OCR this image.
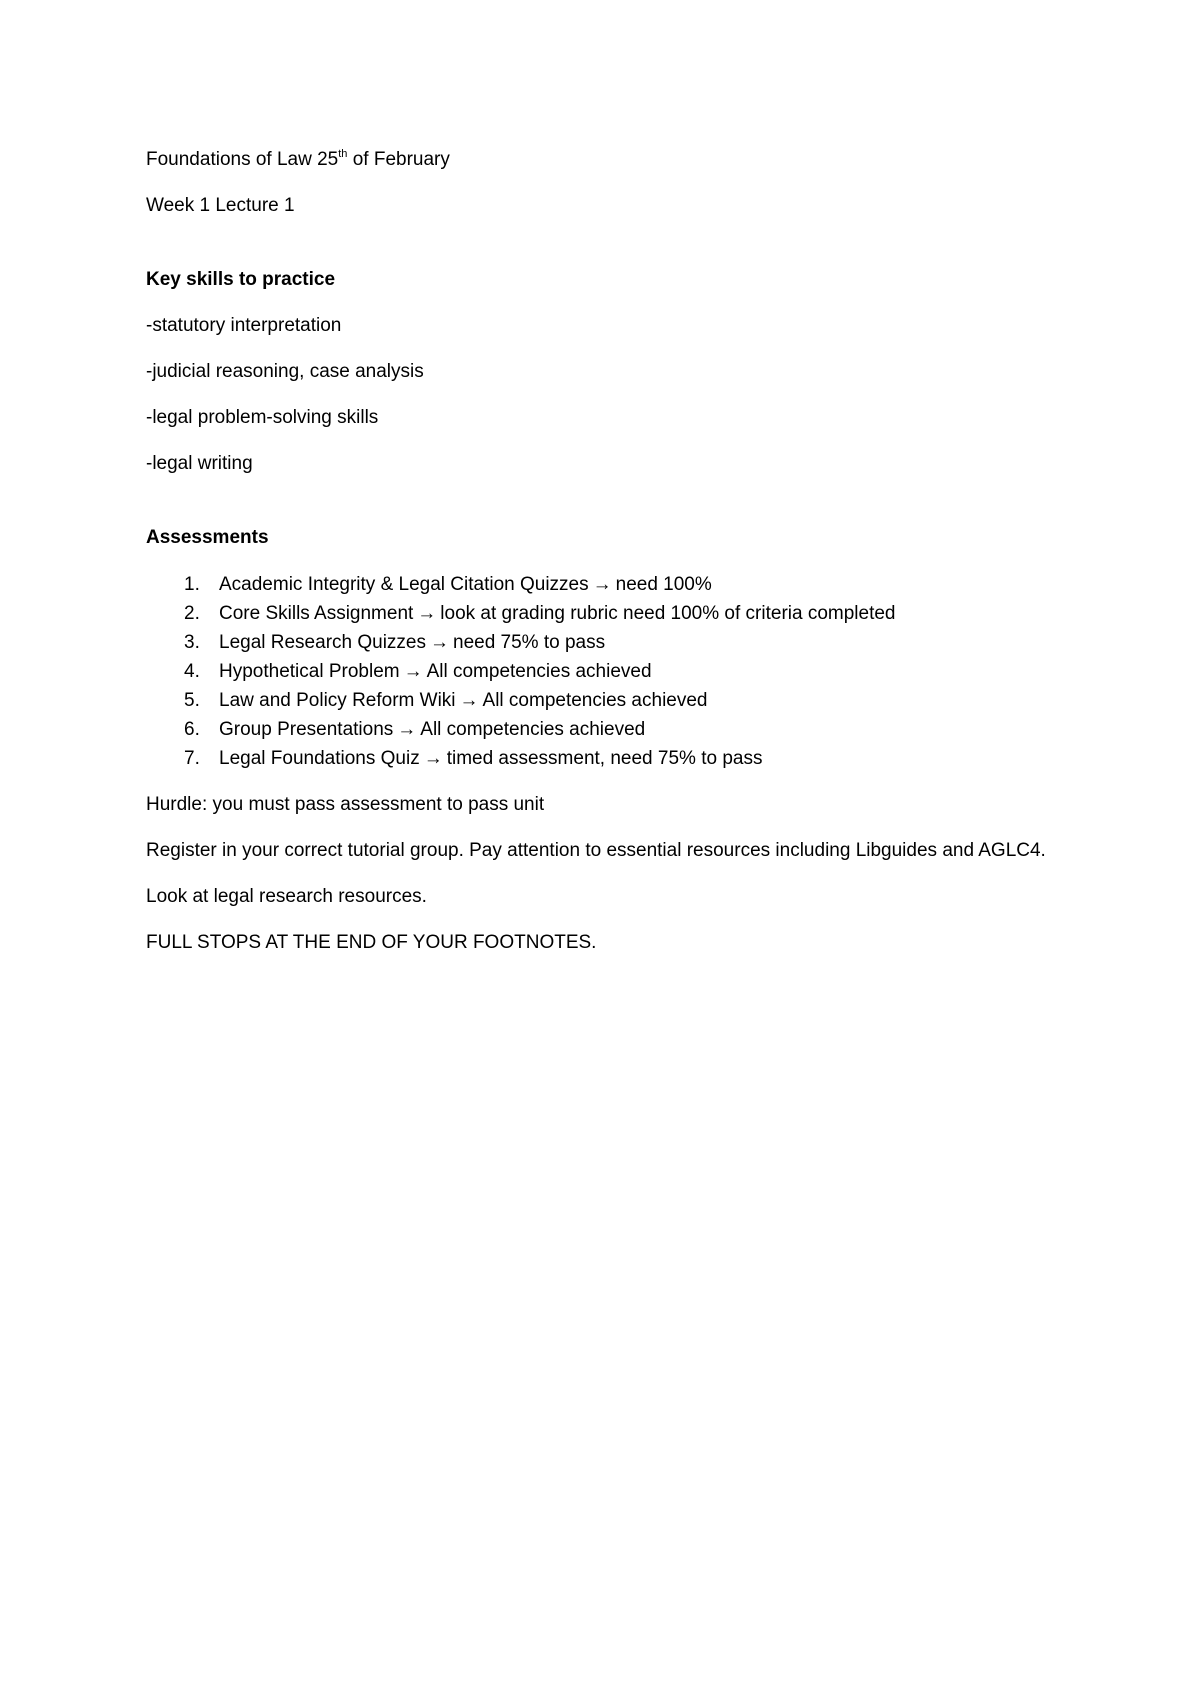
Foundations of Law 25th of February

Week 1 Lecture 1

Key skills to practice

-statutory interpretation

-judicial reasoning, case analysis

-legal problem-solving skills

-legal writing

Assessments

1.	Academic Integrity & Legal Citation Quizzes → need 100%
2.	Core Skills Assignment → look at grading rubric need 100% of criteria completed
3.	Legal Research Quizzes → need 75% to pass
4.	Hypothetical Problem → All competencies achieved
5.	Law and Policy Reform Wiki → All competencies achieved
6.	Group Presentations → All competencies achieved
7.	Legal Foundations Quiz → timed assessment, need 75% to pass

Hurdle: you must pass assessment to pass unit

Register in your correct tutorial group. Pay attention to essential resources including Libguides and AGLC4.

Look at legal research resources.

FULL STOPS AT THE END OF YOUR FOOTNOTES.
